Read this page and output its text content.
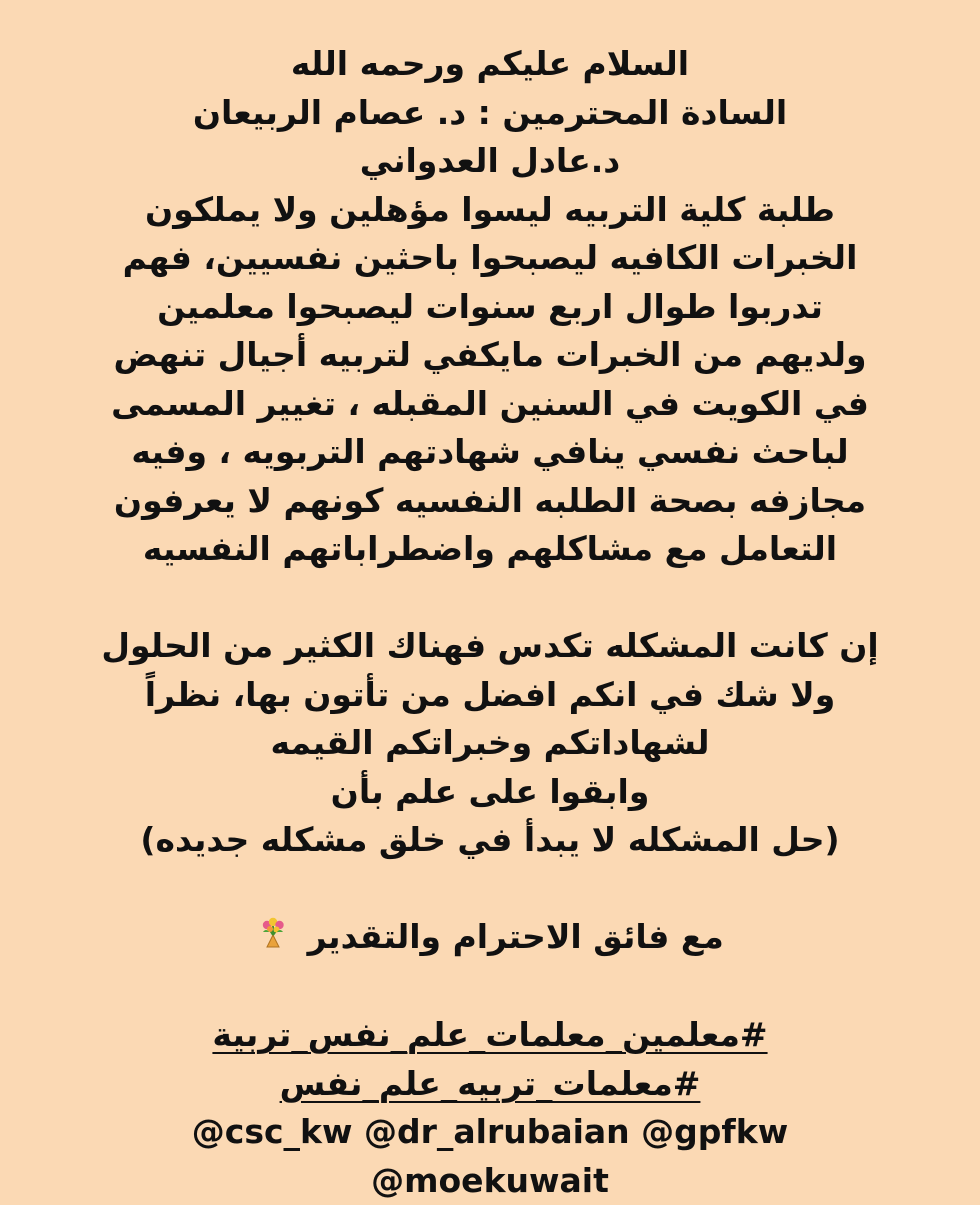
السلام عليكم ورحمه الله
السادة المحترمين : د. عصام الربيعان
د.عادل العدواني
طلبة كلية التربيه ليسوا مؤهلين ولا يملكون
الخبرات الكافيه ليصبحوا باحثين نفسيين، فهم
تدربوا طوال اربع سنوات ليصبحوا معلمين
ولديهم من الخبرات مايكفي لتربيه أجيال تنهض
في الكويت في السنين المقبله ، تغيير المسمى
لباحث نفسي ينافي شهادتهم التربويه ، وفيه
مجازفه بصحة الطلبه النفسيه كونهم لا يعرفون
التعامل مع مشاكلهم واضطراباتهم النفسيه
إن كانت المشكله تكدس فهناك الكثير من الحلول
ولا شك في انكم افضل من تأتون بها، نظراً
لشهاداتكم وخبراتكم القيمه
وابقوا على علم بأن
(حل المشكله لا يبدأ في خلق مشكله جديده)
مع فائق الاحترام والتقدير
#معلمين_معلمات_علم_نفس_تربية
#معلمات_تربيه_علم_نفس
@csc_kw @dr_alrubaian @gpfkw
@moekuwait
